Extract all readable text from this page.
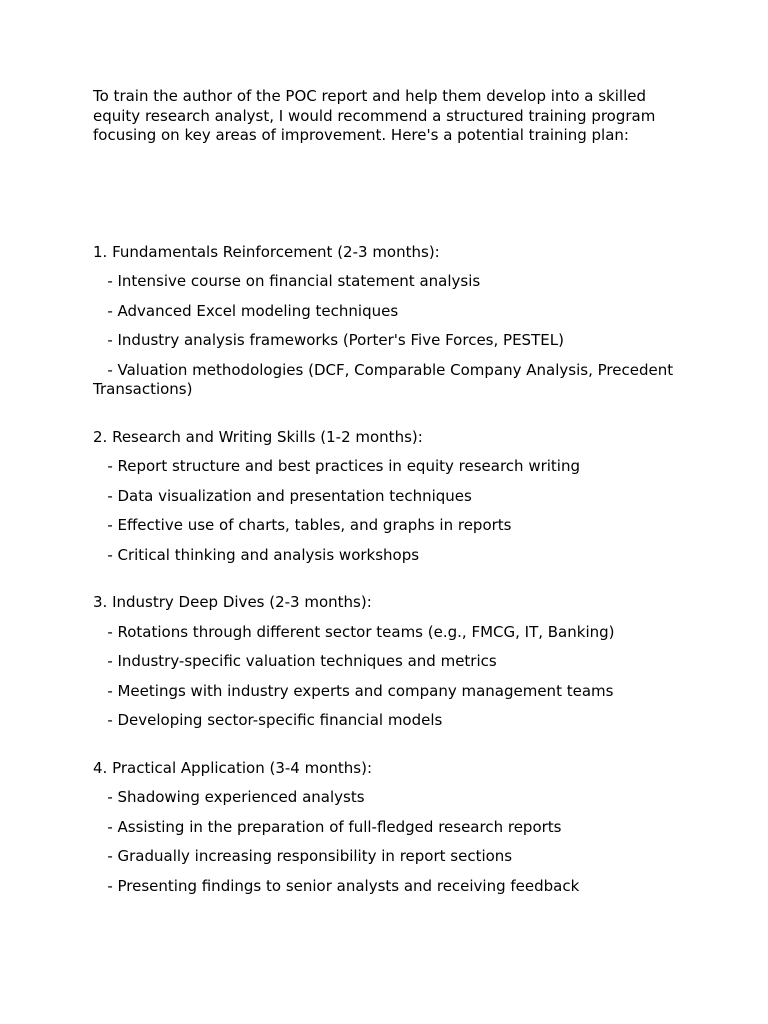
To train the author of the POC report and help them develop into a skilled equity research analyst, I would recommend a structured training program focusing on key areas of improvement. Here's a potential training plan:

1. Fundamentals Reinforcement (2-3 months):

- Intensive course on financial statement analysis

- Advanced Excel modeling techniques

- Industry analysis frameworks (Porter's Five Forces, PESTEL)

- Valuation methodologies (DCF, Comparable Company Analysis, Precedent Transactions)

2. Research and Writing Skills (1-2 months):

- Report structure and best practices in equity research writing

- Data visualization and presentation techniques

- Effective use of charts, tables, and graphs in reports

- Critical thinking and analysis workshops

3. Industry Deep Dives (2-3 months):

- Rotations through different sector teams (e.g., FMCG, IT, Banking)

- Industry-specific valuation techniques and metrics

- Meetings with industry experts and company management teams

- Developing sector-specific financial models

4. Practical Application (3-4 months):

- Shadowing experienced analysts

- Assisting in the preparation of full-fledged research reports

- Gradually increasing responsibility in report sections

- Presenting findings to senior analysts and receiving feedback
